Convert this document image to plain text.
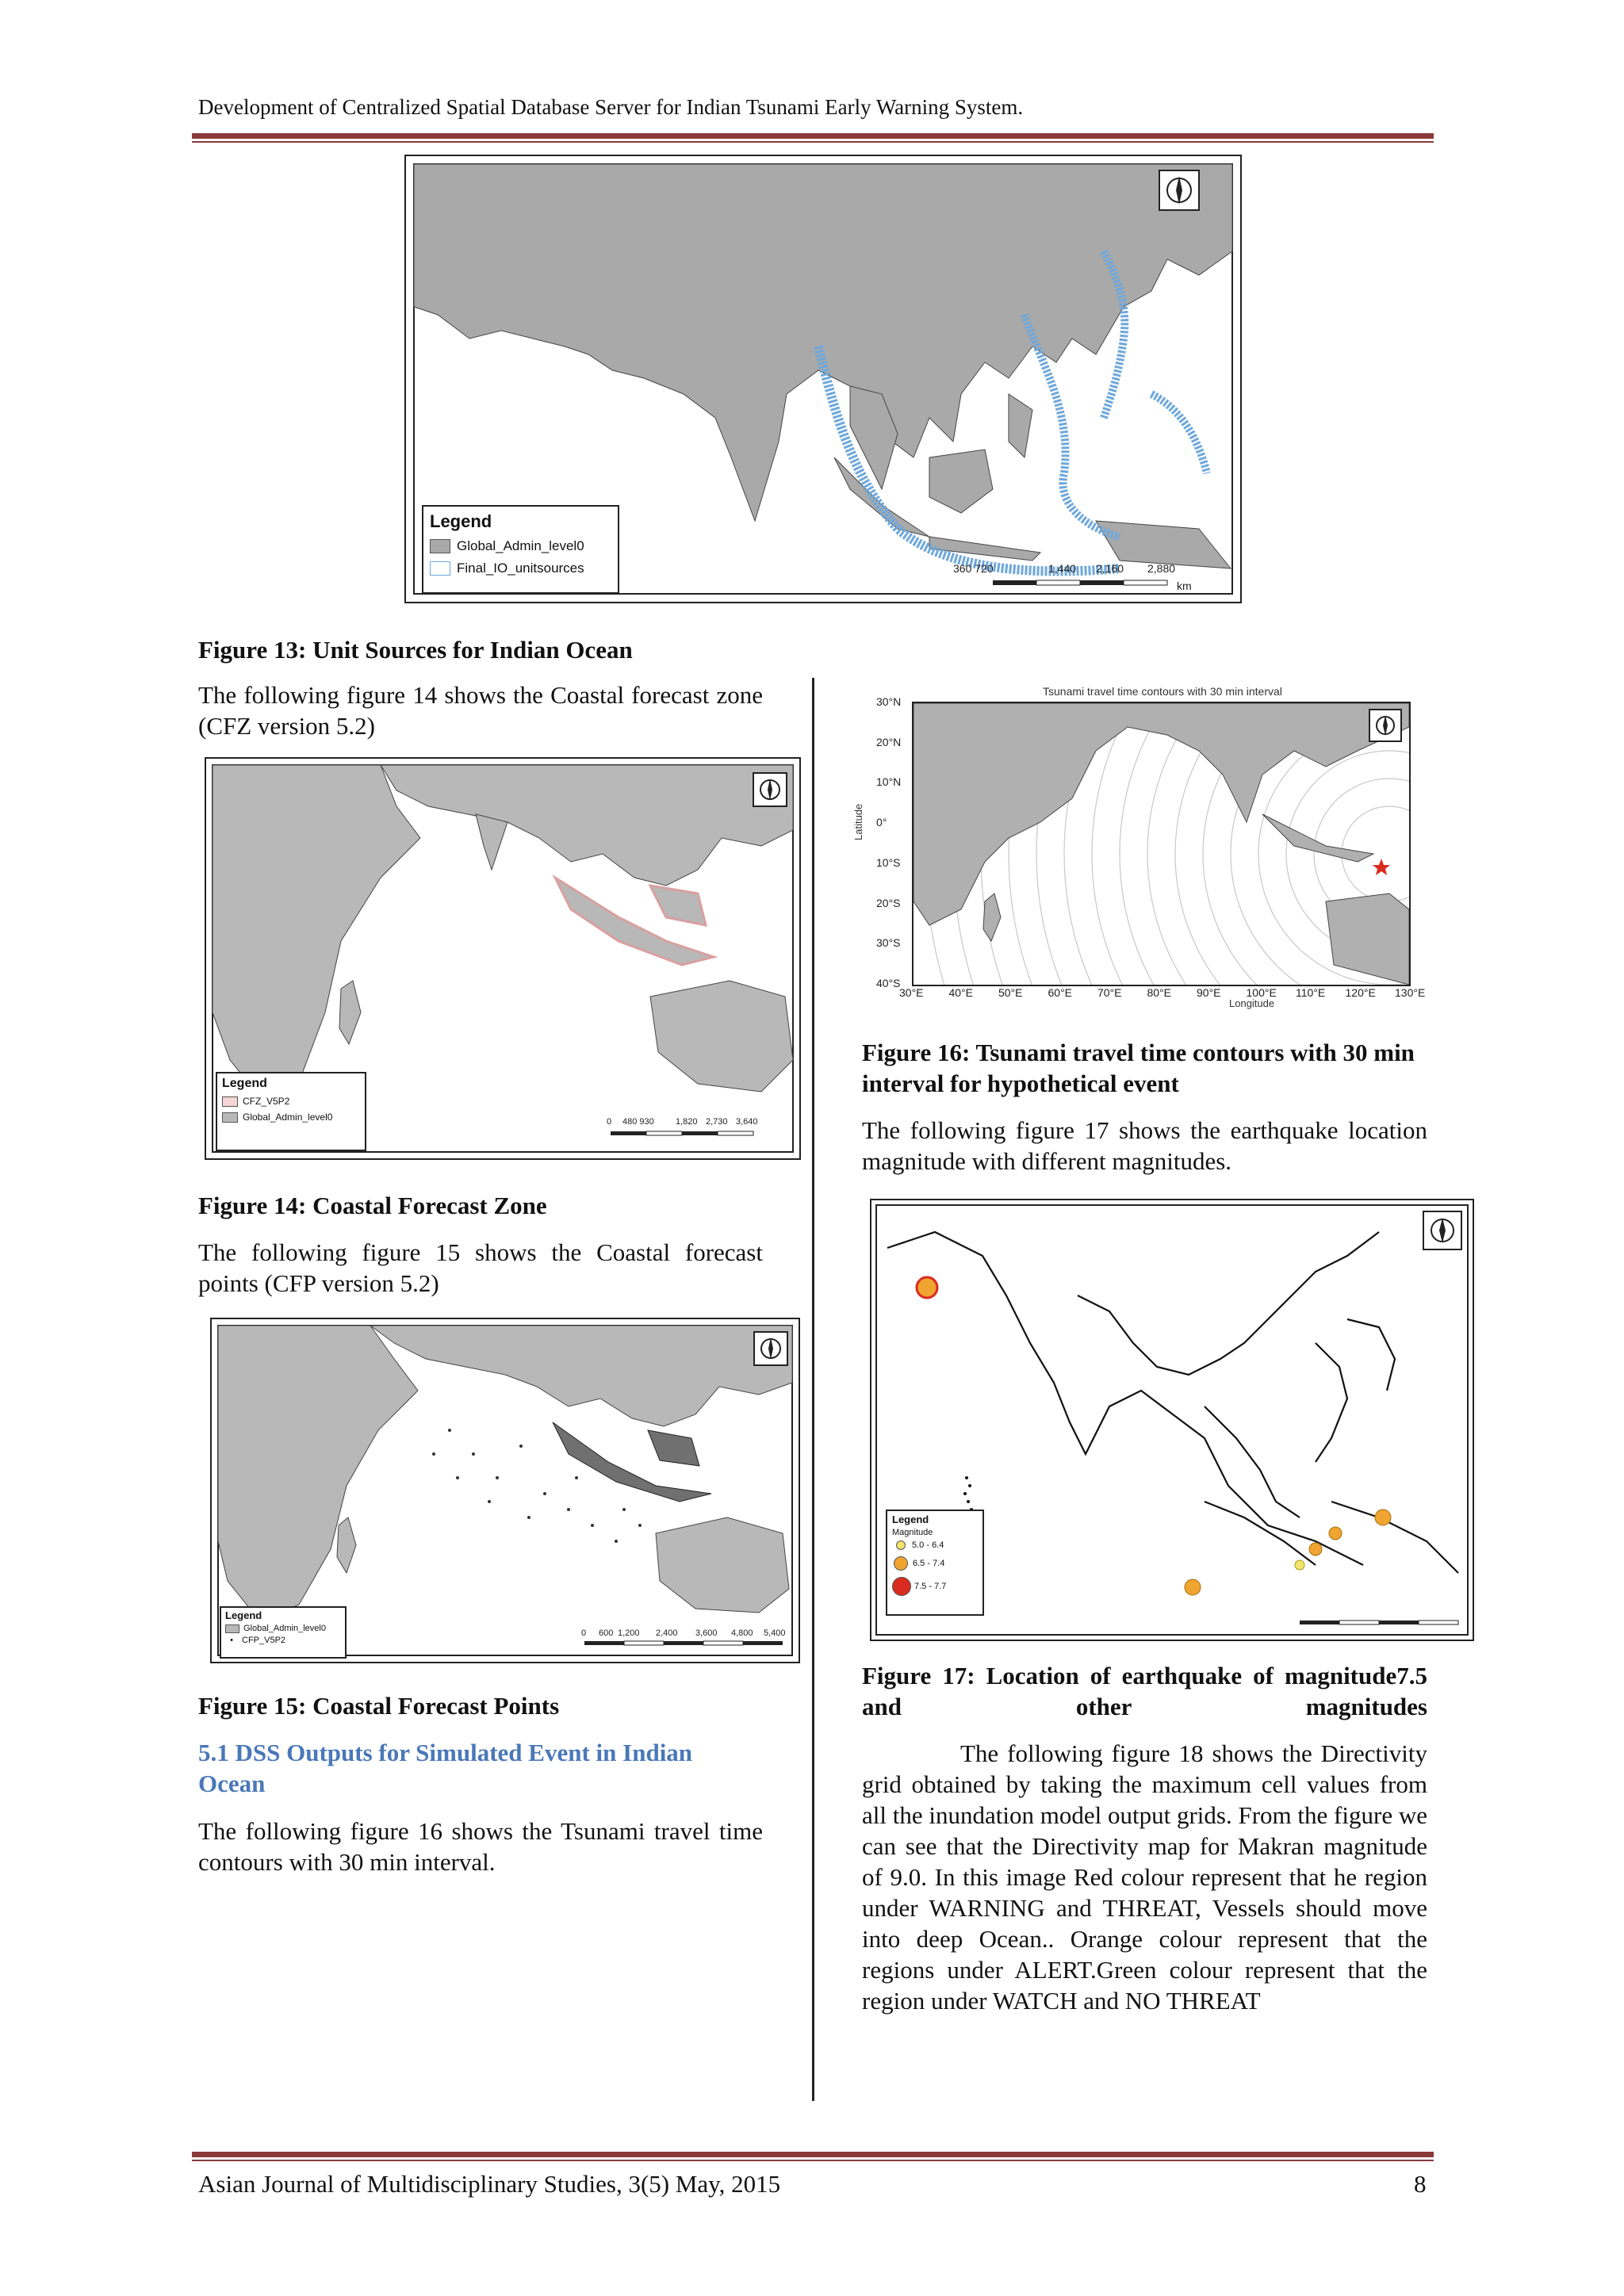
Development of Centralized Spatial Database Server for Indian Tsunami Early Warning System.
Legend
Global_Admin_level0
Final_IO_unitsources	360 720	1,440 2,160 2,880
km
Figure 13: Unit Sources for Indian Ocean
The following figure 14 shows the Coastal forecast zone (CFZ version 5.2)
Legend
CFZ_V5P2
Global_Admin_level0	0 480 930 1,820 2,730 3,640
Figure 14: Coastal Forecast Zone
The following figure 15 shows the Coastal forecast points (CFP version 5.2)
Legend
Global_Admin_level0
•	CFP_V5P2
0 600 1,200 2,400 3,600 4,800 5,400
Figure 15: Coastal Forecast Points
5.1 DSS Outputs for Simulated Event in Indian Ocean
The following figure 16 shows the Tsunami travel time contours with 30 min interval.
Tsunami travel time contours with 30 min interval
Latitude
Longitude
30°N
20°N
10°N
0°
10°S
20°S
30°S
40°S
30°E 40°E 50°E 60°E 70°E 80°E 90°E 100°E 110°E 120°E 130°E
Figure 16: Tsunami travel time contours with 30 min interval for hypothetical event
The following figure 17 shows the earthquake location magnitude with different magnitudes.
Legend
Magnitude
5.0 - 6.4
6.5 - 7.4
7.5 - 7.7
Figure 17: Location of earthquake of magnitude7.5 and other magnitudes
The following figure 18 shows the Directivity grid obtained by taking the maximum cell values from all the inundation model output grids. From the figure we can see that the Directivity map for Makran magnitude of 9.0. In this image Red colour represent that he region under WARNING and THREAT, Vessels should move into deep Ocean.. Orange colour represent that the regions under ALERT.Green colour represent that the region under WATCH and NO THREAT
Asian Journal of Multidisciplinary Studies, 3(5) May, 2015	8
